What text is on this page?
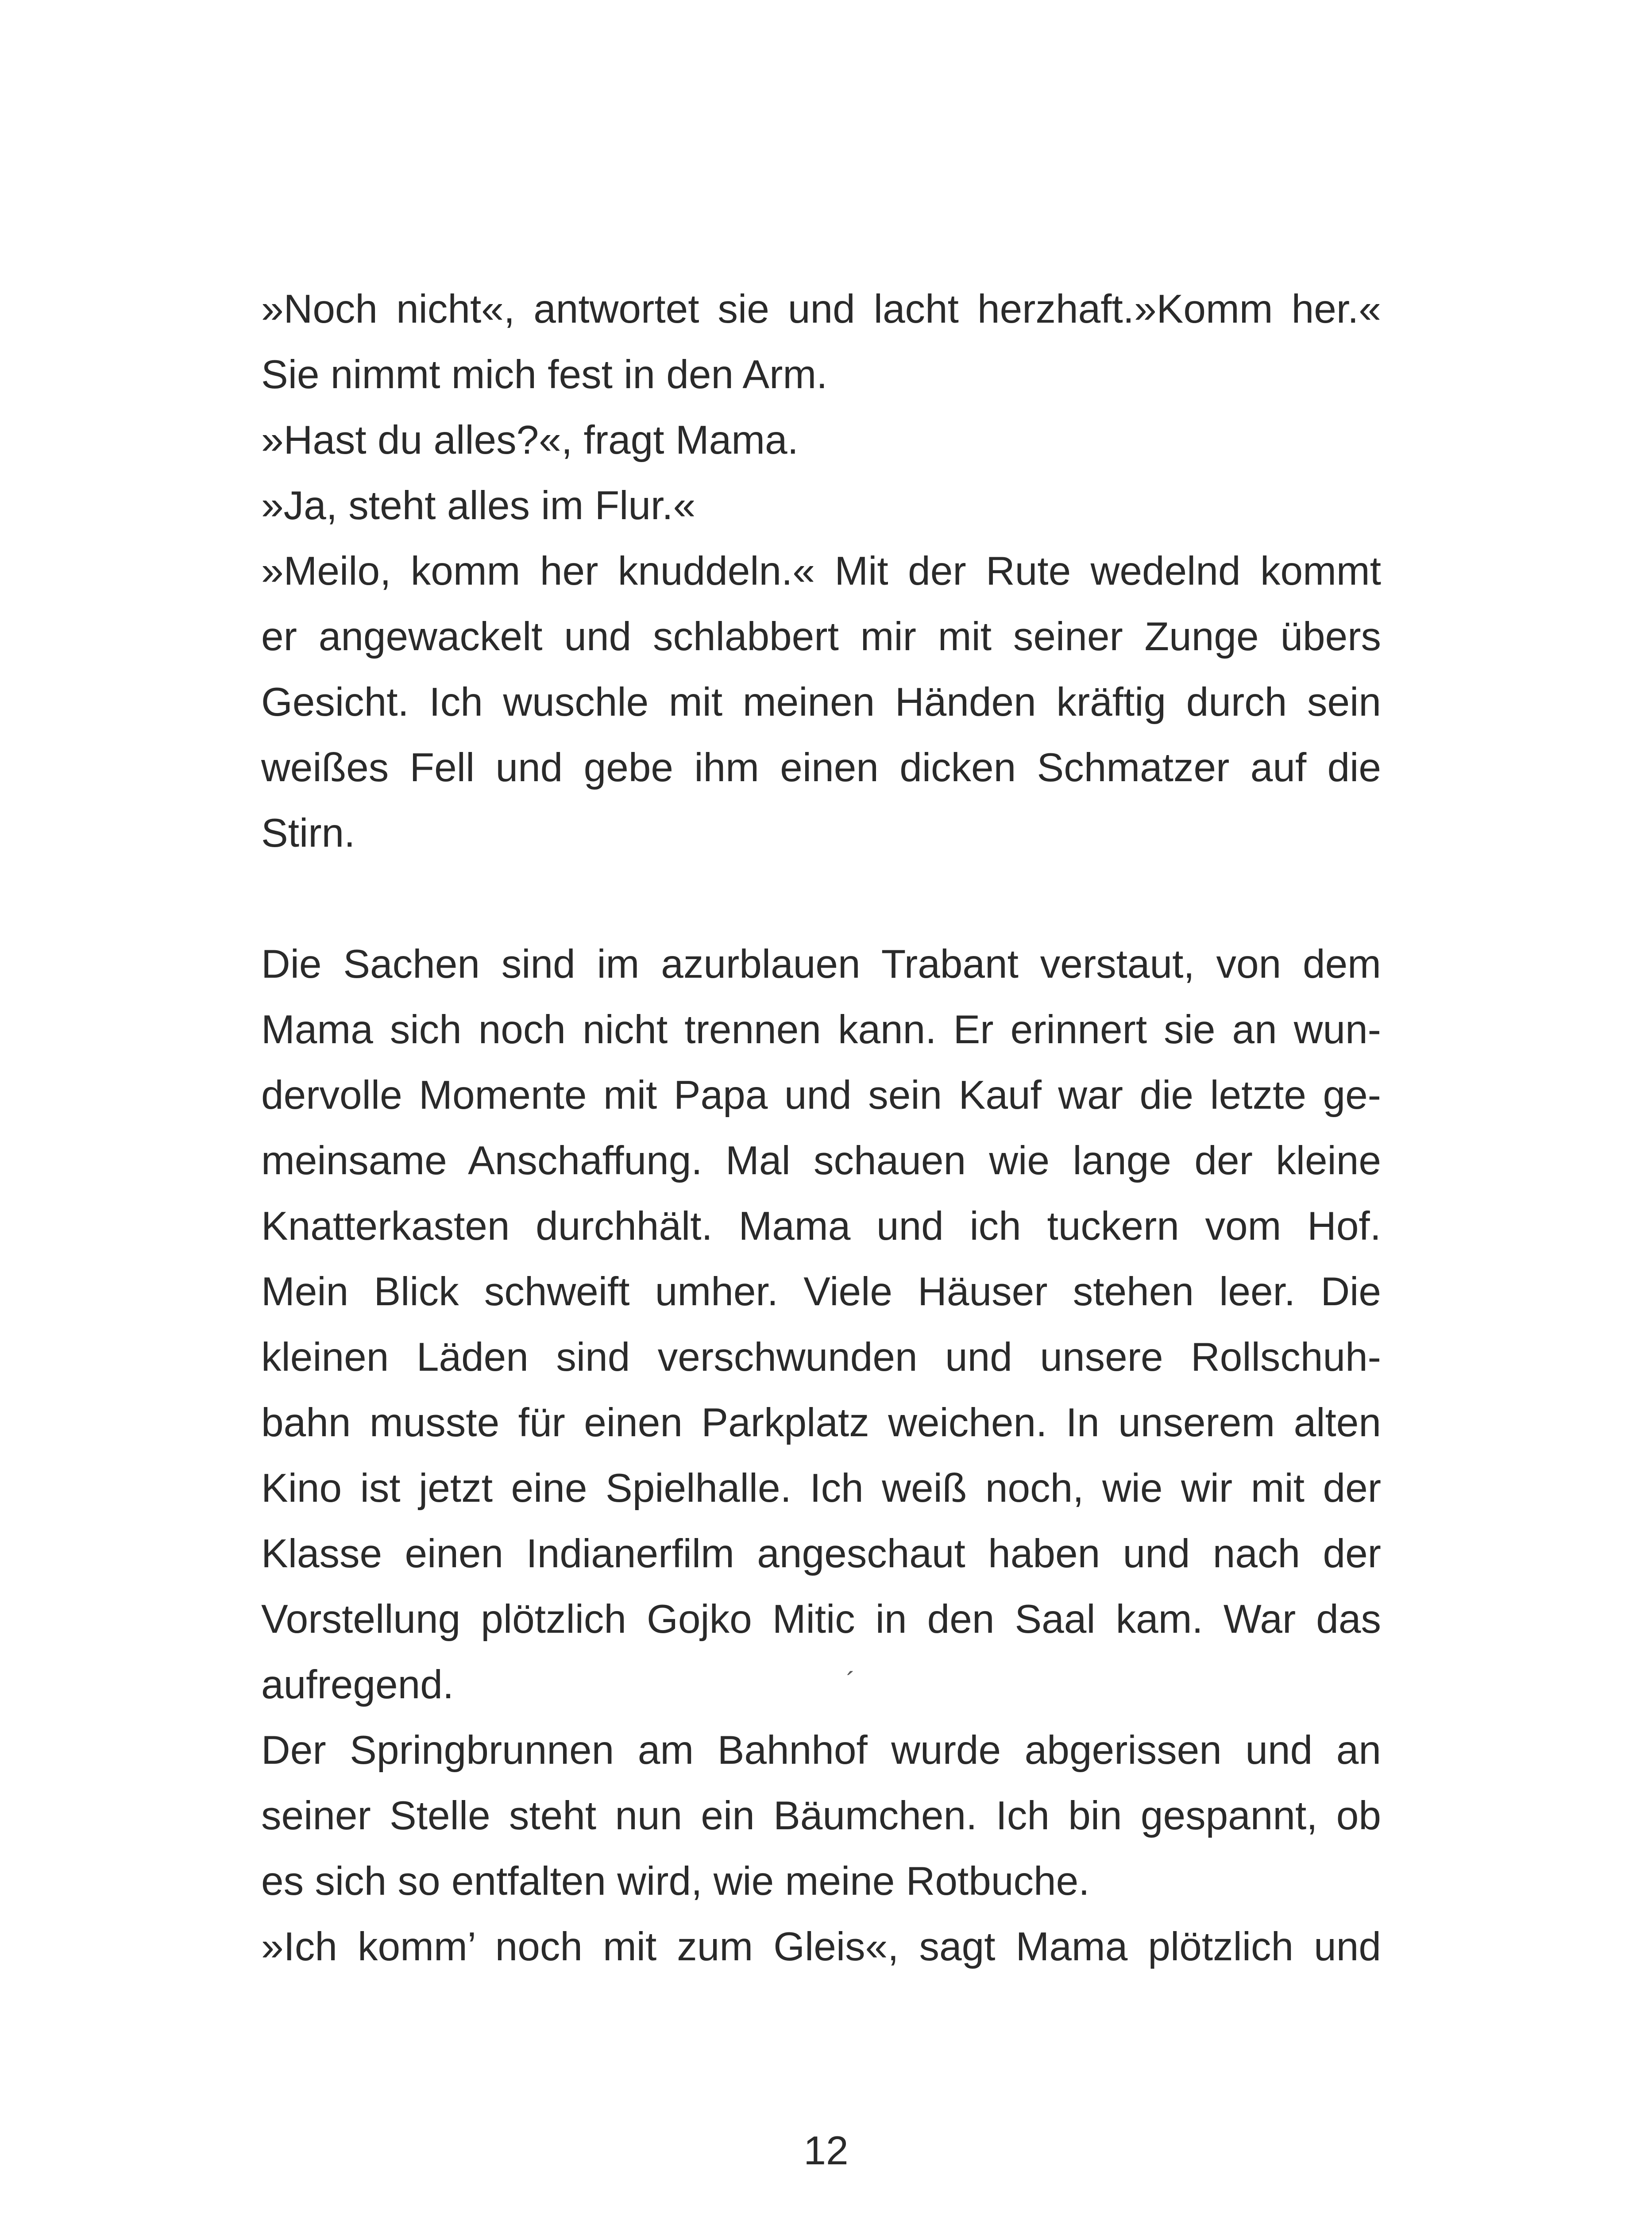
»Noch nicht«, antwortet sie und lacht herzhaft.»Komm her.«
Sie nimmt mich fest in den Arm.
»Hast du alles?«, fragt Mama.
»Ja, steht alles im Flur.«
»Meilo, komm her knuddeln.« Mit der Rute wedelnd kommt
er angewackelt und schlabbert mir mit seiner Zunge übers
Gesicht. Ich wuschle mit meinen Händen kräftig durch sein
weißes Fell und gebe ihm einen dicken Schmatzer auf die
Stirn.
Die Sachen sind im azurblauen Trabant verstaut, von dem
Mama sich noch nicht trennen kann. Er erinnert sie an wun-
dervolle Momente mit Papa und sein Kauf war die letzte ge-
meinsame Anschaffung. Mal schauen wie lange der kleine
Knatterkasten durchhält. Mama und ich tuckern vom Hof.
Mein Blick schweift umher. Viele Häuser stehen leer. Die
kleinen Läden sind verschwunden und unsere Rollschuh-
bahn musste für einen Parkplatz weichen. In unserem alten
Kino ist jetzt eine Spielhalle. Ich weiß noch, wie wir mit der
Klasse einen Indianerfilm angeschaut haben und nach der
Vorstellung plötzlich Gojko Mitic in den Saal kam. War das
aufregend.
Der Springbrunnen am Bahnhof wurde abgerissen und an
seiner Stelle steht nun ein Bäumchen. Ich bin gespannt, ob
es sich so entfalten wird, wie meine Rotbuche.
»Ich komm’ noch mit zum Gleis«, sagt Mama plötzlich und
´
12
